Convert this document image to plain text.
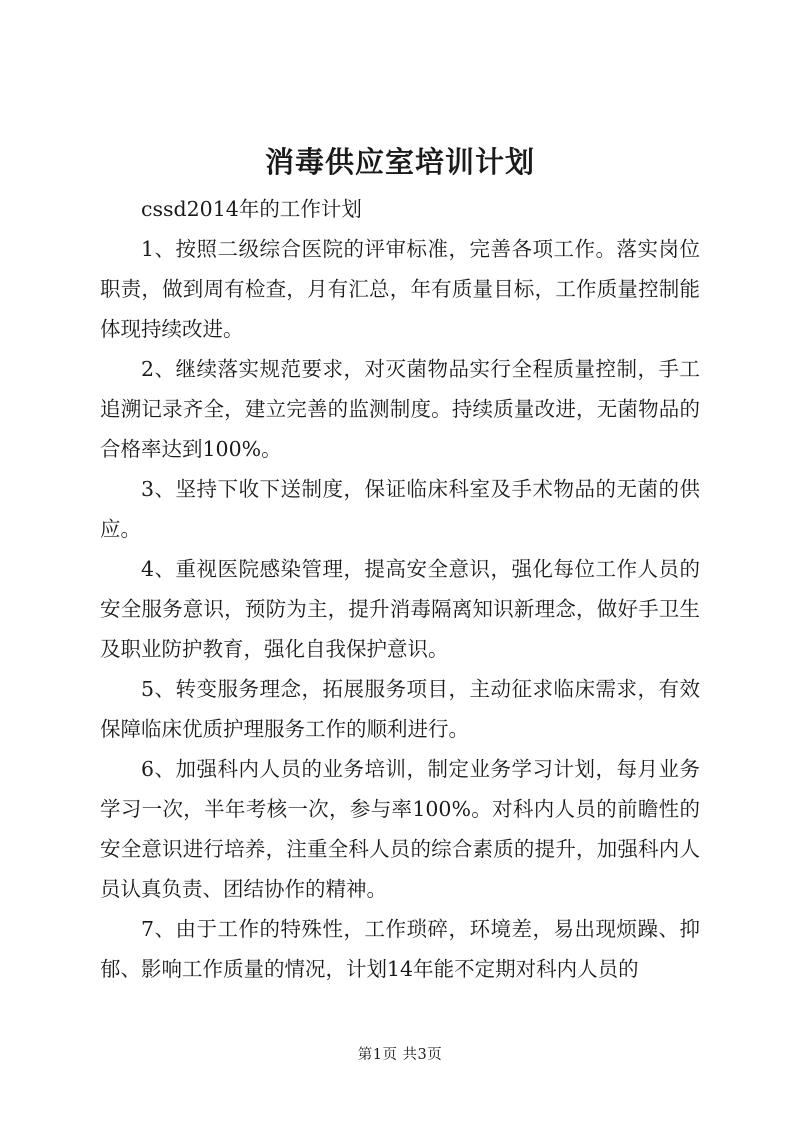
消毒供应室培训计划

cssd2014年的工作计划

1、按照二级综合医院的评审标准，完善各项工作。落实岗位职责，做到周有检查，月有汇总，年有质量目标，工作质量控制能体现持续改进。

2、继续落实规范要求，对灭菌物品实行全程质量控制，手工追溯记录齐全，建立完善的监测制度。持续质量改进，无菌物品的合格率达到100%。

3、坚持下收下送制度，保证临床科室及手术物品的无菌的供应。

4、重视医院感染管理，提高安全意识，强化每位工作人员的安全服务意识，预防为主，提升消毒隔离知识新理念，做好手卫生及职业防护教育，强化自我保护意识。

5、转变服务理念，拓展服务项目，主动征求临床需求，有效保障临床优质护理服务工作的顺利进行。

6、加强科内人员的业务培训，制定业务学习计划，每月业务学习一次，半年考核一次，参与率100%。对科内人员的前瞻性的安全意识进行培养，注重全科人员的综合素质的提升，加强科内人员认真负责、团结协作的精神。

7、由于工作的特殊性，工作琐碎，环境差，易出现烦躁、抑郁、影响工作质量的情况，计划14年能不定期对科内人员的

第1页 共3页
